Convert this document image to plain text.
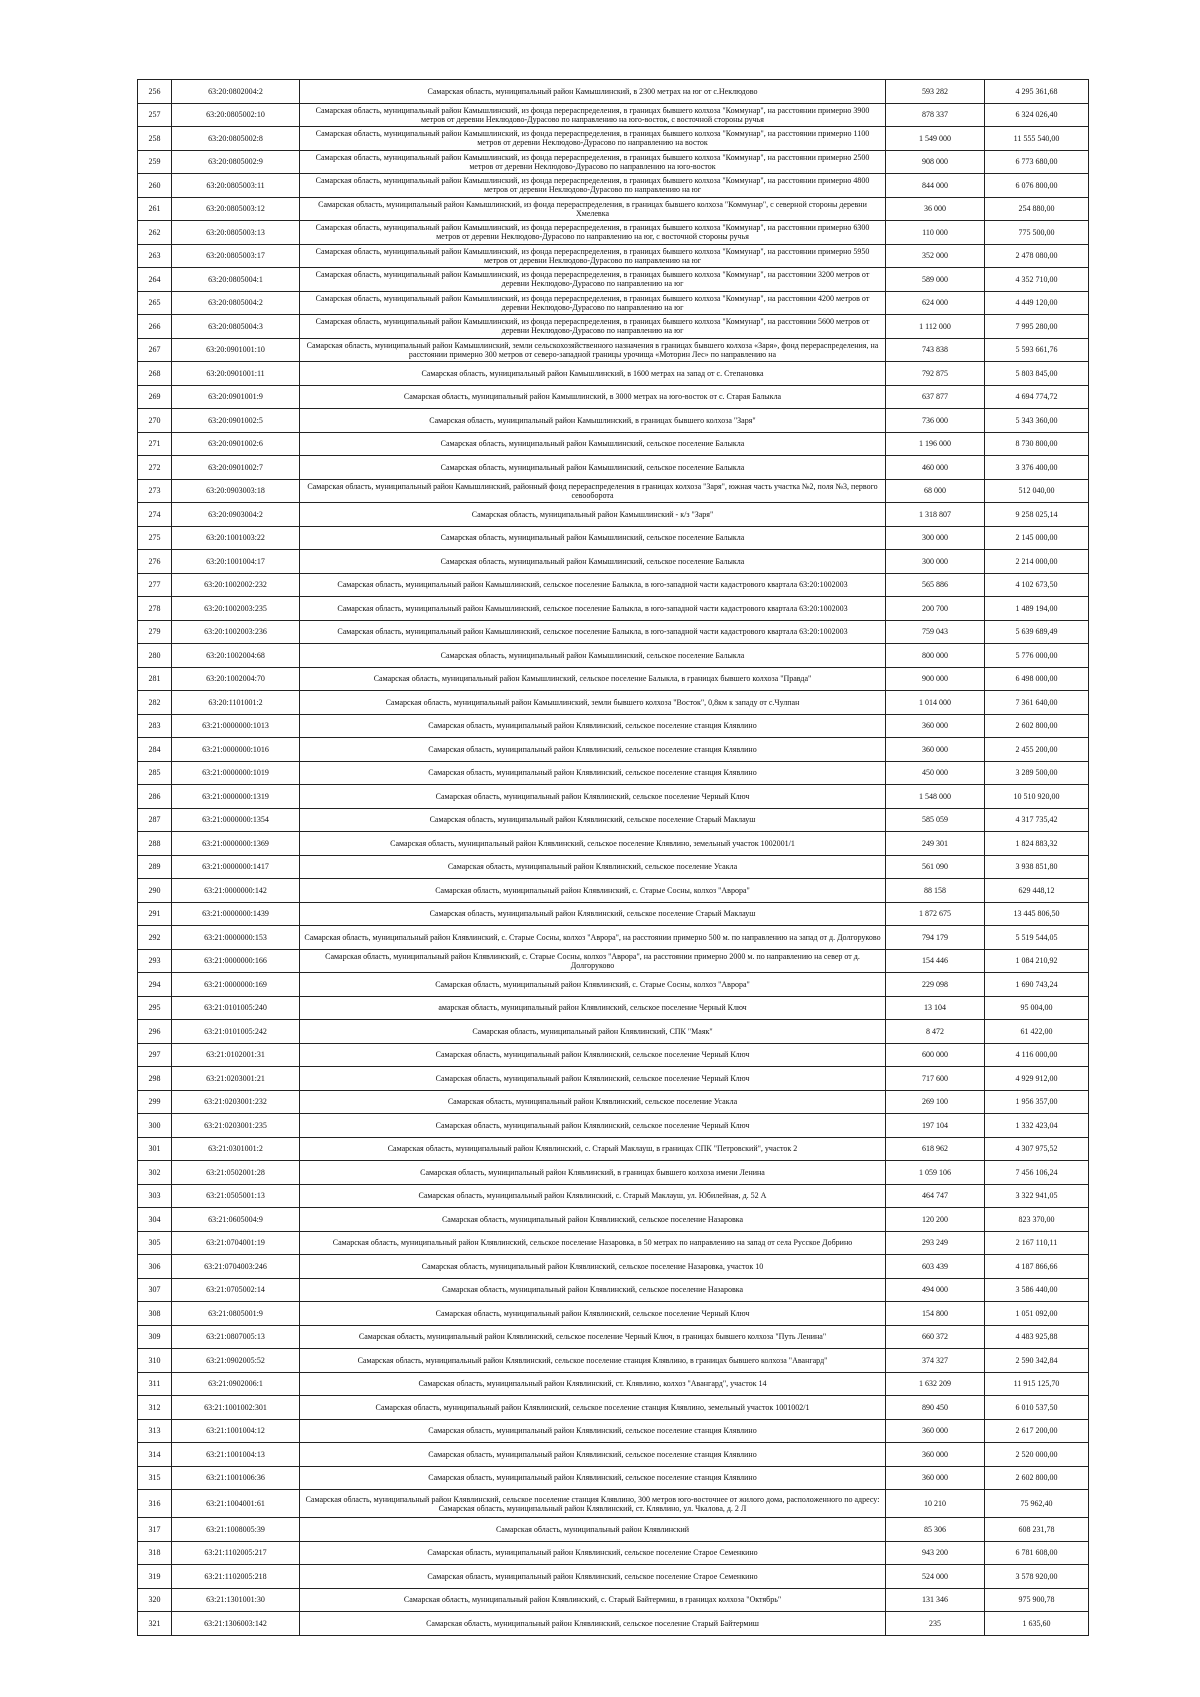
256	63:20:0802004:2	Самарская область, муниципальный район Камышлинский, в 2300 метрах на юг от с.Неклюдово	593 282	4 295 361,68
257	63:20:0805002:10	Самарская область, муниципальный район Камышлинский, из фонда перераспределения, в границах бывшего колхоза "Коммунар", на расстоянии примерно 3900 метров от деревни Неклюдово-Дурасово по направлению на юго-восток, с восточной стороны ручья	878 337	6 324 026,40
258	63:20:0805002:8	Самарская область, муниципальный район Камышлинский, из фонда перераспределения, в границах бывшего колхоза "Коммунар", на расстоянии примерно 1100 метров от деревни Неклюдово-Дурасово по направлению на восток	1 549 000	11 555 540,00
259	63:20:0805002:9	Самарская область, муниципальный район Камышлинский, из фонда перераспределения, в границах бывшего колхоза "Коммунар", на расстоянии примерно 2500 метров от деревни Неклюдово-Дурасово по направлению на юго-восток	908 000	6 773 680,00
260	63:20:0805003:11	Самарская область, муниципальный район Камышлинский, из фонда перераспределения, в границах бывшего колхоза "Коммунар", на расстоянии примерно 4800 метров от деревни Неклюдово-Дурасово по направлению на юг	844 000	6 076 800,00
261	63:20:0805003:12	Самарская область, муниципальный район Камышлинский, из фонда перераспределения, в границах бывшего колхоза "Коммунар", с северной стороны деревни Хмелевка	36 000	254 880,00
262	63:20:0805003:13	Самарская область, муниципальный район Камышлинский, из фонда перераспределения, в границах бывшего колхоза "Коммунар", на расстоянии примерно 6300 метров от деревни Неклюдово-Дурасово по направлению на юг, с восточной стороны ручья	110 000	775 500,00
263	63:20:0805003:17	Самарская область, муниципальный район Камышлинский, из фонда перераспределения, в границах бывшего колхоза "Коммунар", на расстоянии примерно 5950 метров от деревни Неклюдово-Дурасово по направлению на юг	352 000	2 478 080,00
264	63:20:0805004:1	Самарская область, муниципальный район Камышлинский, из фонда перераспределения, в границах бывшего колхоза "Коммунар", на расстоянии 3200 метров от деревни Неклюдово-Дурасово по направлению на юг	589 000	4 352 710,00
265	63:20:0805004:2	Самарская область, муниципальный район Камышлинский, из фонда перераспределения, в границах бывшего колхоза "Коммунар", на расстоянии 4200 метров от деревни Неклюдово-Дурасово по направлению на юг	624 000	4 449 120,00
266	63:20:0805004:3	Самарская область, муниципальный район Камышлинский, из фонда перераспределения, в границах бывшего колхоза "Коммунар", на расстоянии 5600 метров от деревни Неклюдово-Дурасово по направлению на юг	1 112 000	7 995 280,00
267	63:20:0901001:10	Самарская область, муниципальный район Камышлинский, земли сельскохозяйственного назначения в границах бывшего колхоза «Заря», фонд перераспределения, на расстоянии примерно 300 метров от северо-западной границы урочища «Моторин Лес» по направлению на	743 838	5 593 661,76
268	63:20:0901001:11	Самарская область, муниципальный район Камышлинский, в 1600 метрах на запад от с. Степановка	792 875	5 803 845,00
269	63:20:0901001:9	Самарская область, муниципальный район Камышлинский, в 3000 метрах на юго-восток от с. Старая Балыкла	637 877	4 694 774,72
270	63:20:0901002:5	Самарская область, муниципальный район Камышлинский, в границах бывшего колхоза "Заря"	736 000	5 343 360,00
271	63:20:0901002:6	Самарская область, муниципальный район Камышлинский, сельское поселение Балыкла	1 196 000	8 730 800,00
272	63:20:0901002:7	Самарская область, муниципальный район Камышлинский, сельское поселение Балыкла	460 000	3 376 400,00
273	63:20:0903003:18	Самарская область, муниципальный район Камышлинский, районный фонд перераспределения в границах колхоза "Заря", южная часть участка №2, поля №3, первого севооборота	68 000	512 040,00
274	63:20:0903004:2	Самарская область, муниципальный район Камышлинский - к/з "Заря"	1 318 807	9 258 025,14
275	63:20:1001003:22	Самарская область, муниципальный район Камышлинский, сельское поселение Балыкла	300 000	2 145 000,00
276	63:20:1001004:17	Самарская область, муниципальный район Камышлинский, сельское поселение Балыкла	300 000	2 214 000,00
277	63:20:1002002:232	Самарская область, муниципальный район Камышлинский, сельское поселение Балыкла, в юго-западной части кадастрового квартала 63:20:1002003	565 886	4 102 673,50
278	63:20:1002003:235	Самарская область, муниципальный район Камышлинский, сельское поселение Балыкла, в юго-западной части кадастрового квартала 63:20:1002003	200 700	1 489 194,00
279	63:20:1002003:236	Самарская область, муниципальный район Камышлинский, сельское поселение Балыкла, в юго-западной части кадастрового квартала 63:20:1002003	759 043	5 639 689,49
280	63:20:1002004:68	Самарская область, муниципальный район Камышлинский, сельское поселение Балыкла	800 000	5 776 000,00
281	63:20:1002004:70	Самарская область, муниципальный район Камышлинский, сельское поселение Балыкла, в границах бывшего колхоза "Правда"	900 000	6 498 000,00
282	63:20:1101001:2	Самарская область, муниципальный район Камышлинский, земли бывшего колхоза "Восток", 0,8км к западу от с.Чулпан	1 014 000	7 361 640,00
283	63:21:0000000:1013	Самарская область, муниципальный район Клявлинский, сельское поселение станция Клявлино	360 000	2 602 800,00
284	63:21:0000000:1016	Самарская область, муниципальный район Клявлинский, сельское поселение станция Клявлино	360 000	2 455 200,00
285	63:21:0000000:1019	Самарская область, муниципальный район Клявлинский, сельское поселение станция Клявлино	450 000	3 289 500,00
286	63:21:0000000:1319	Самарская область, муниципальный район Клявлинский, сельское поселение Черный Ключ	1 548 000	10 510 920,00
287	63:21:0000000:1354	Самарская область, муниципальный район Клявлинский, сельское поселение Старый Маклауш	585 059	4 317 735,42
288	63:21:0000000:1369	Самарская область, муниципальный район Клявлинский, сельское поселение Клявлино, земельный участок 1002001/1	249 301	1 824 883,32
289	63:21:0000000:1417	Самарская область, муниципальный район Клявлинский, сельское поселение Усакла	561 090	3 938 851,80
290	63:21:0000000:142	Самарская область, муниципальный район Клявлинский, с. Старые Сосны, колхоз "Аврора"	88 158	629 448,12
291	63:21:0000000:1439	Самарская область, муниципальный район Клявлинский, сельское поселение Старый Маклауш	1 872 675	13 445 806,50
292	63:21:0000000:153	Самарская область, муниципальный район Клявлинский, с. Старые Сосны, колхоз "Аврора", на расстоянии примерно 500 м. по направлению на запад от д. Долгоруково	794 179	5 519 544,05
293	63:21:0000000:166	Самарская область, муниципальный район Клявлинский, с. Старые Сосны, колхоз "Аврора", на расстоянии примерно 2000 м. по направлению на север от д. Долгоруково	154 446	1 084 210,92
294	63:21:0000000:169	Самарская область, муниципальный район Клявлинский, с. Старые Сосны, колхоз "Аврора"	229 098	1 690 743,24
295	63:21:0101005:240	амарская область, муниципальный район Клявлинский, сельское поселение Черный Ключ	13 104	95 004,00
296	63:21:0101005:242	Самарская область, муниципальный район Клявлинский, СПК "Маяк"	8 472	61 422,00
297	63:21:0102001:31	Самарская область, муниципальный район Клявлинский, сельское поселение Черный Ключ	600 000	4 116 000,00
298	63:21:0203001:21	Самарская область, муниципальный район Клявлинский, сельское поселение Черный Ключ	717 600	4 929 912,00
299	63:21:0203001:232	Самарская область, муниципальный район Клявлинский, сельское поселение Усакла	269 100	1 956 357,00
300	63:21:0203001:235	Самарская область, муниципальный район Клявлинский, сельское поселение Черный Ключ	197 104	1 332 423,04
301	63:21:0301001:2	Самарская область, муниципальный район Клявлинский, с. Старый Маклауш, в границах СПК "Петровский", участок 2	618 962	4 307 975,52
302	63:21:0502001:28	Самарская область, муниципальный район Клявлинский, в границах бывшего колхоза имени Ленина	1 059 106	7 456 106,24
303	63:21:0505001:13	Самарская область, муниципальный район Клявлинский, с. Старый Маклауш, ул. Юбилейная, д. 52 А	464 747	3 322 941,05
304	63:21:0605004:9	Самарская область, муниципальный район Клявлинский, сельское поселение Назаровка	120 200	823 370,00
305	63:21:0704001:19	Самарская область, муниципальный район Клявлинский, сельское поселение Назаровка, в 50 метрах по направлению на запад от села Русское Добрино	293 249	2 167 110,11
306	63:21:0704003:246	Самарская область, муниципальный район Клявлинский, сельское поселение Назаровка, участок 10	603 439	4 187 866,66
307	63:21:0705002:14	Самарская область, муниципальный район Клявлинский, сельское поселение Назаровка	494 000	3 586 440,00
308	63:21:0805001:9	Самарская область, муниципальный район Клявлинский, сельское поселение Черный Ключ	154 800	1 051 092,00
309	63:21:0807005:13	Самарская область, муниципальный район Клявлинский, сельское поселение Черный Ключ, в границах бывшего колхоза "Путь Ленина"	660 372	4 483 925,88
310	63:21:0902005:52	Самарская область, муниципальный район Клявлинский, сельское поселение станция Клявлино, в границах бывшего колхоза "Авангард"	374 327	2 590 342,84
311	63:21:0902006:1	Самарская область, муниципальный район Клявлинский, ст. Клявлино, колхоз "Авангард", участок 14	1 632 209	11 915 125,70
312	63:21:1001002:301	Самарская область, муниципальный район Клявлинский, сельское поселение станция Клявлино, земельный участок 1001002/1	890 450	6 010 537,50
313	63:21:1001004:12	Самарская область, муниципальный район Клявлинский, сельское поселение станция Клявлино	360 000	2 617 200,00
314	63:21:1001004:13	Самарская область, муниципальный район Клявлинский, сельское поселение станция Клявлино	360 000	2 520 000,00
315	63:21:1001006:36	Самарская область, муниципальный район Клявлинский, сельское поселение станция Клявлино	360 000	2 602 800,00
316	63:21:1004001:61	Самарская область, муниципальный район Клявлинский, сельское поселение станция Клявлино, 300 метров юго-восточнее от жилого дома, расположенного по адресу: Самарская область, муниципальный район Клявлинский, ст. Клявлино, ул. Чкалова, д. 2 Л	10 210	75 962,40
317	63:21:1008005:39	Самарская область, муниципальный район Клявлинский	85 306	608 231,78
318	63:21:1102005:217	Самарская область, муниципальный район Клявлинский, сельское поселение Старое Семенкино	943 200	6 781 608,00
319	63:21:1102005:218	Самарская область, муниципальный район Клявлинский, сельское поселение Старое Семенкино	524 000	3 578 920,00
320	63:21:1301001:30	Самарская область, муниципальный район Клявлинский, с. Старый Байтермиш, в границах колхоза "Октябрь"	131 346	975 900,78
321	63:21:1306003:142	Самарская область, муниципальный район Клявлинский, сельское поселение Старый Байтермиш	235	1 635,60
